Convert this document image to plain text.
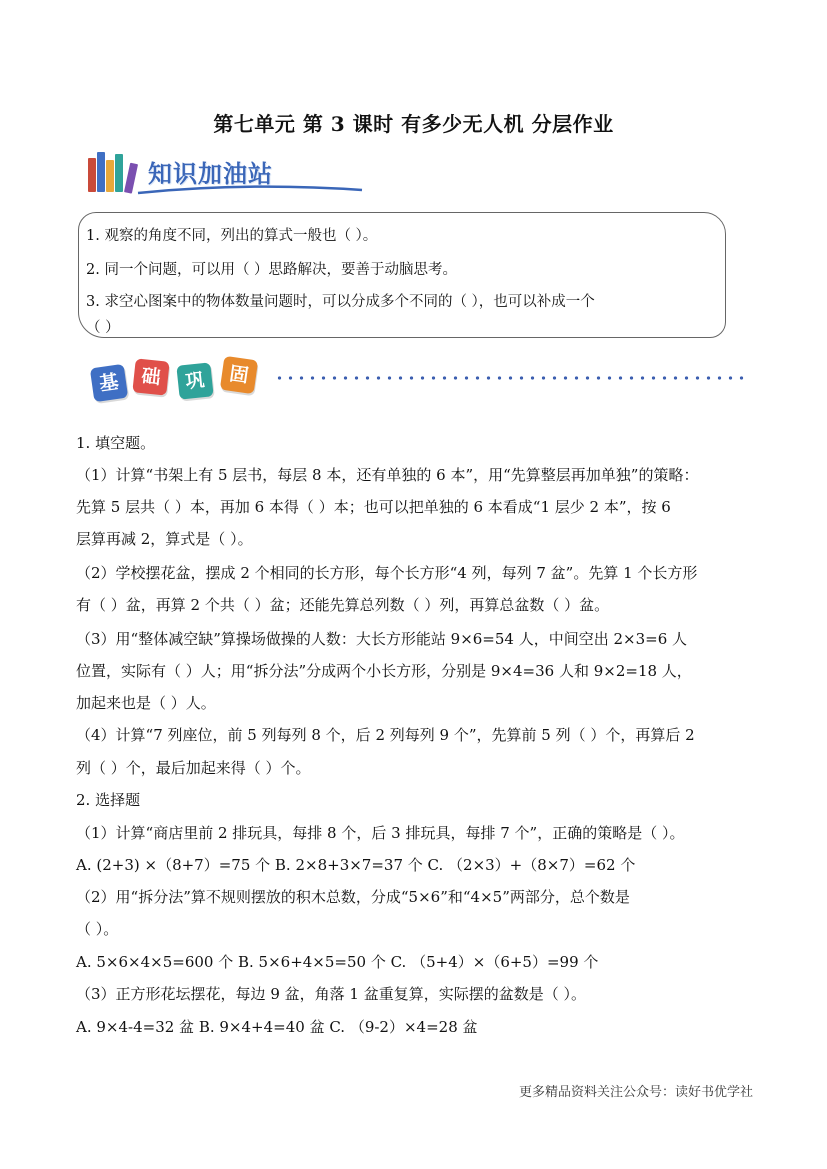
第七单元 第 3 课时 有多少无人机 分层作业
知识加油站
1. 观察的角度不同，列出的算式一般也（ ）。
2. 同一个问题，可以用（ ）思路解决，要善于动脑思考。
3. 求空心图案中的物体数量问题时，可以分成多个不同的（ ），也可以补成一个
（ ）
基	础	巩	固
1. 填空题。
（1）计算“书架上有 5 层书，每层 8 本，还有单独的 6 本”，用“先算整层再加单独”的策略：
先算 5 层共（ ）本，再加 6 本得（ ）本；也可以把单独的 6 本看成“1 层少 2 本”，按 6
层算再减 2，算式是（ ）。
（2）学校摆花盆，摆成 2 个相同的长方形，每个长方形“4 列，每列 7 盆”。先算 1 个长方形
有（ ）盆，再算 2 个共（ ）盆；还能先算总列数（ ）列，再算总盆数（ ）盆。
（3）用“整体减空缺”算操场做操的人数：大长方形能站 9×6=54 人，中间空出 2×3=6 人
位置，实际有（ ）人；用“拆分法”分成两个小长方形，分别是 9×4=36 人和 9×2=18 人，
加起来也是（ ）人。
（4）计算“7 列座位，前 5 列每列 8 个，后 2 列每列 9 个”，先算前 5 列（ ）个，再算后 2
列（ ）个，最后加起来得（ ）个。
2. 选择题
（1）计算“商店里前 2 排玩具，每排 8 个，后 3 排玩具，每排 7 个”，正确的策略是（ ）。
A. (2+3) ×（8+7）=75 个 B. 2×8+3×7=37 个 C. （2×3）+（8×7）=62 个
（2）用“拆分法”算不规则摆放的积木总数，分成“5×6”和“4×5”两部分，总个数是
（ ）。
A. 5×6×4×5=600 个 B. 5×6+4×5=50 个 C. （5+4）×（6+5）=99 个
（3）正方形花坛摆花，每边 9 盆，角落 1 盆重复算，实际摆的盆数是（ ）。
A. 9×4-4=32 盆 B. 9×4+4=40 盆 C. （9-2）×4=28 盆
更多精品资料关注公众号：读好书优学社
